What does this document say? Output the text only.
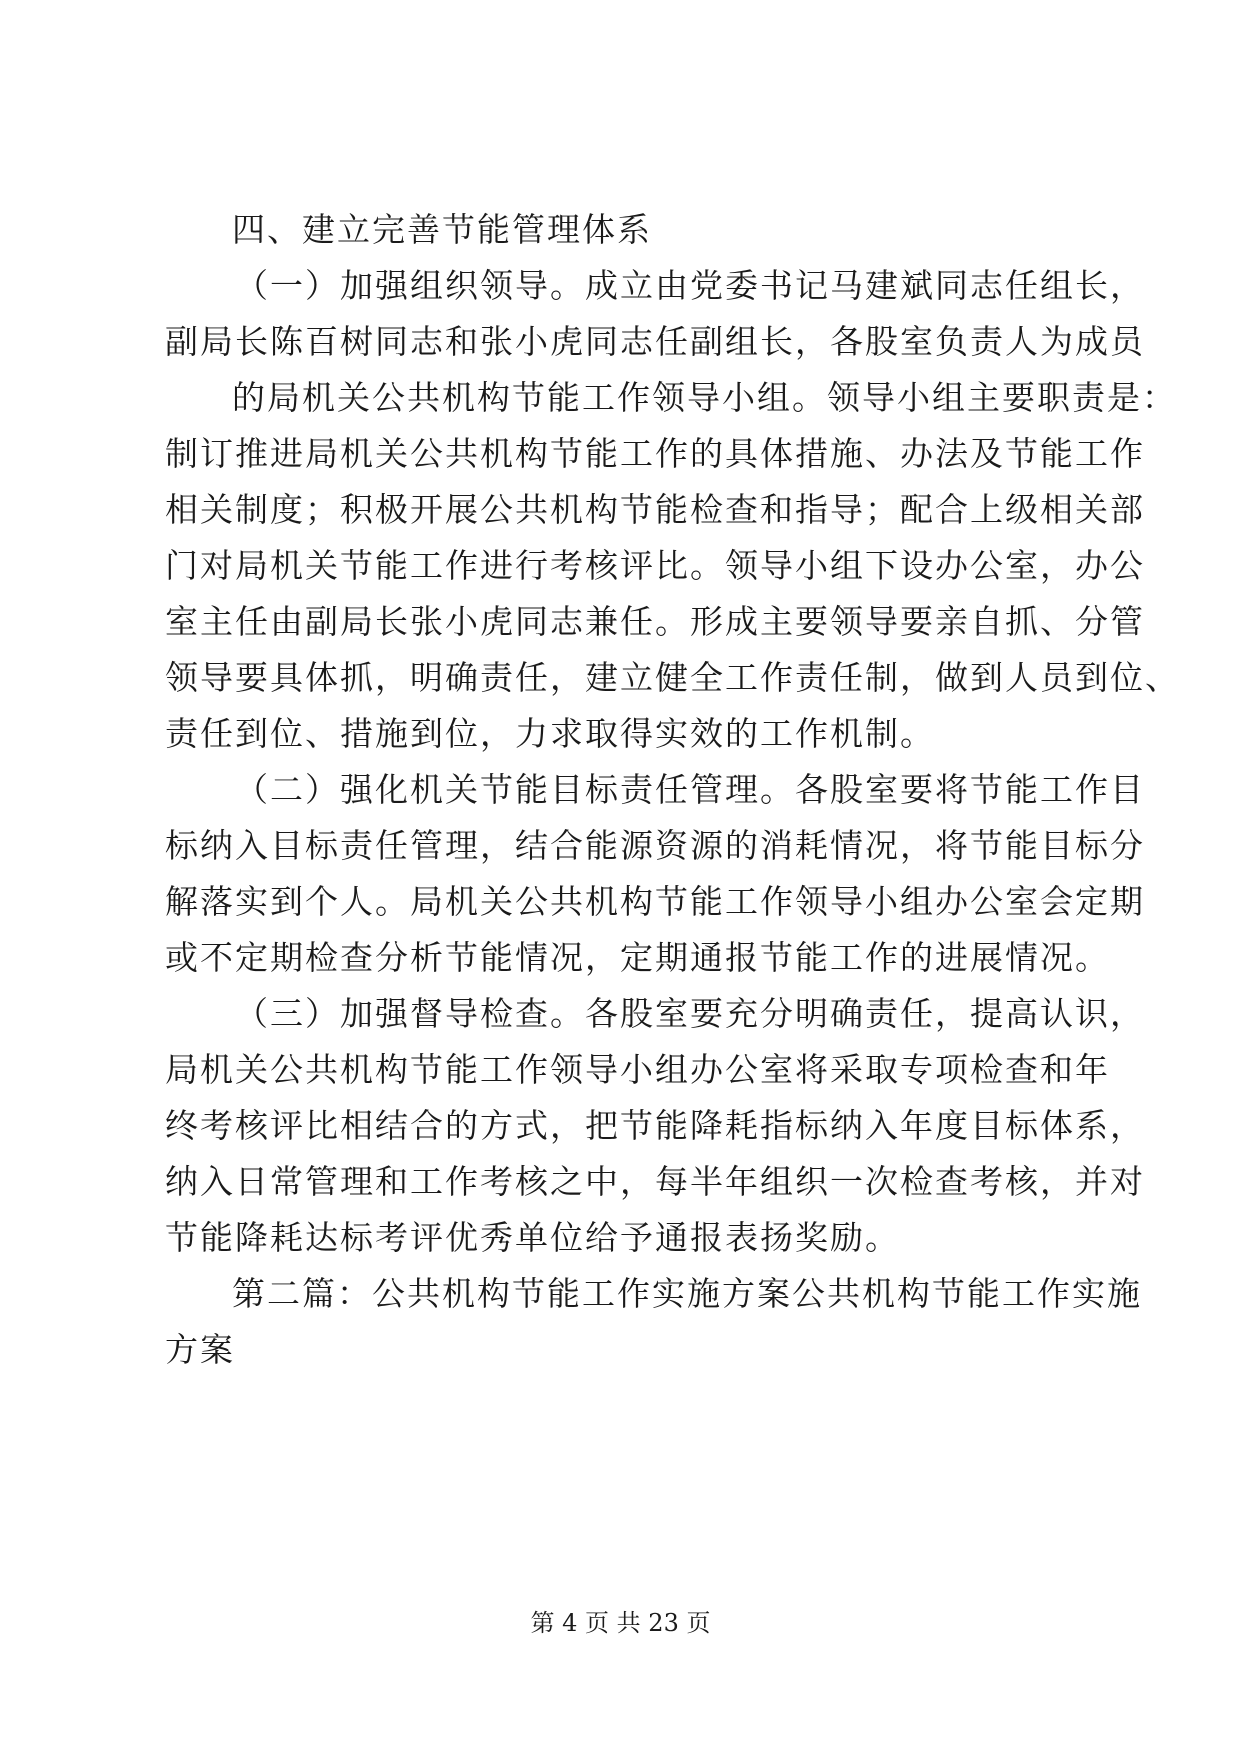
四、建立完善节能管理体系
（一）加强组织领导。成立由党委书记马建斌同志任组长，
副局长陈百树同志和张小虎同志任副组长，各股室负责人为成员
的局机关公共机构节能工作领导小组。领导小组主要职责是：
制订推进局机关公共机构节能工作的具体措施、办法及节能工作
相关制度；积极开展公共机构节能检查和指导；配合上级相关部
门对局机关节能工作进行考核评比。领导小组下设办公室，办公
室主任由副局长张小虎同志兼任。形成主要领导要亲自抓、分管
领导要具体抓，明确责任，建立健全工作责任制，做到人员到位、
责任到位、措施到位，力求取得实效的工作机制。
（二）强化机关节能目标责任管理。各股室要将节能工作目
标纳入目标责任管理，结合能源资源的消耗情况，将节能目标分
解落实到个人。局机关公共机构节能工作领导小组办公室会定期
或不定期检查分析节能情况，定期通报节能工作的进展情况。
（三）加强督导检查。各股室要充分明确责任，提高认识，
局机关公共机构节能工作领导小组办公室将采取专项检查和年
终考核评比相结合的方式，把节能降耗指标纳入年度目标体系，
纳入日常管理和工作考核之中，每半年组织一次检查考核，并对
节能降耗达标考评优秀单位给予通报表扬奖励。
第二篇：公共机构节能工作实施方案公共机构节能工作实施
方案
第 4 页 共 23 页
